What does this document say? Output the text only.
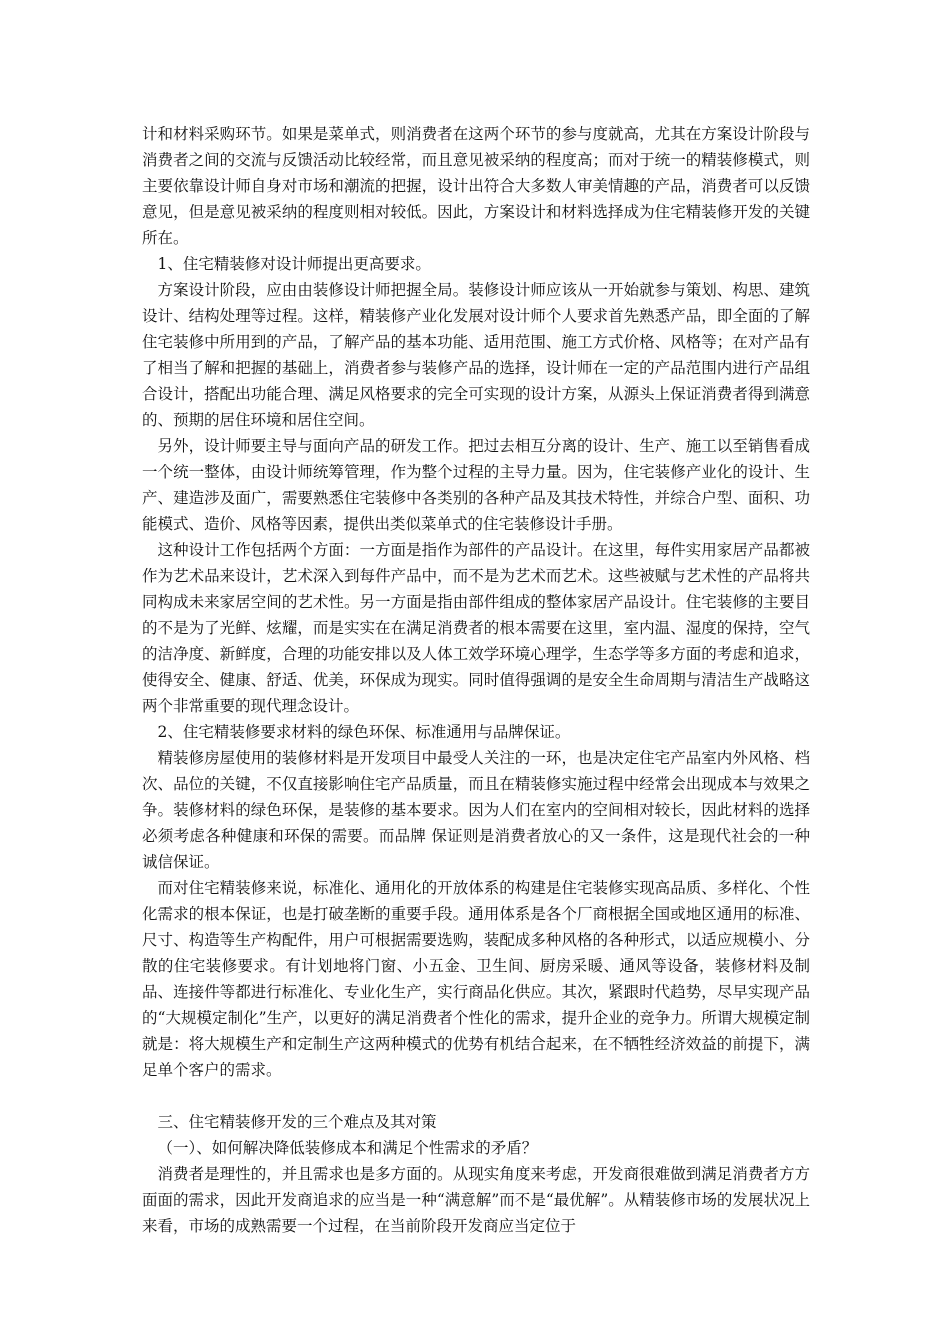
计和材料采购环节。如果是菜单式，则消费者在这两个环节的参与度就高，尤其在方案设计阶段与消费者之间的交流与反馈活动比较经常，而且意见被采纳的程度高；而对于统一的精装修模式，则主要依靠设计师自身对市场和潮流的把握，设计出符合大多数人审美情趣的产品，消费者可以反馈意见，但是意见被采纳的程度则相对较低。因此，方案设计和材料选择成为住宅精装修开发的关键所在。

1、住宅精装修对设计师提出更高要求。

方案设计阶段，应由由装修设计师把握全局。装修设计师应该从一开始就参与策划、构思、建筑设计、结构处理等过程。这样，精装修产业化发展对设计师个人要求首先熟悉产品，即全面的了解住宅装修中所用到的产品，了解产品的基本功能、适用范围、施工方式价格、风格等；在对产品有了相当了解和把握的基础上，消费者参与装修产品的选择，设计师在一定的产品范围内进行产品组合设计，搭配出功能合理、满足风格要求的完全可实现的设计方案，从源头上保证消费者得到满意的、预期的居住环境和居住空间。

另外，设计师要主导与面向产品的研发工作。把过去相互分离的设计、生产、施工以至销售看成一个统一整体，由设计师统筹管理，作为整个过程的主导力量。因为，住宅装修产业化的设计、生产、建造涉及面广，需要熟悉住宅装修中各类别的各种产品及其技术特性，并综合户型、面积、功能模式、造价、风格等因素，提供出类似菜单式的住宅装修设计手册。

这种设计工作包括两个方面：一方面是指作为部件的产品设计。在这里，每件实用家居产品都被作为艺术品来设计，艺术深入到每件产品中，而不是为艺术而艺术。这些被赋与艺术性的产品将共同构成未来家居空间的艺术性。另一方面是指由部件组成的整体家居产品设计。住宅装修的主要目的不是为了光鲜、炫耀，而是实实在在满足消费者的根本需要在这里，室内温、湿度的保持，空气的洁净度、新鲜度，合理的功能安排以及人体工效学环境心理学，生态学等多方面的考虑和追求，使得安全、健康、舒适、优美，环保成为现实。同时值得强调的是安全生命周期与清洁生产战略这两个非常重要的现代理念设计。

2、住宅精装修要求材料的绿色环保、标准通用与品牌保证。

精装修房屋使用的装修材料是开发项目中最受人关注的一环，也是决定住宅产品室内外风格、档次、品位的关键，不仅直接影响住宅产品质量，而且在精装修实施过程中经常会出现成本与效果之争。装修材料的绿色环保，是装修的基本要求。因为人们在室内的空间相对较长，因此材料的选择必须考虑各种健康和环保的需要。而品牌 保证则是消费者放心的又一条件，这是现代社会的一种诚信保证。

而对住宅精装修来说，标准化、通用化的开放体系的构建是住宅装修实现高品质、多样化、个性化需求的根本保证，也是打破垄断的重要手段。通用体系是各个厂商根据全国或地区通用的标准、尺寸、构造等生产构配件，用户可根据需要选购，装配成多种风格的各种形式，以适应规模小、分散的住宅装修要求。有计划地将门窗、小五金、卫生间、厨房采暖、通风等设备，装修材料及制品、连接件等都进行标准化、专业化生产，实行商品化供应。其次，紧跟时代趋势，尽早实现产品的“大规模定制化”生产，以更好的满足消费者个性化的需求，提升企业的竞争力。所谓大规模定制就是：将大规模生产和定制生产这两种模式的优势有机结合起来，在不牺牲经济效益的前提下，满足单个客户的需求。

三、住宅精装修开发的三个难点及其对策

（一）、如何解决降低装修成本和满足个性需求的矛盾？

消费者是理性的，并且需求也是多方面的。从现实角度来考虑，开发商很难做到满足消费者方方面面的需求，因此开发商追求的应当是一种“满意解”而不是“最优解”。从精装修市场的发展状况上来看，市场的成熟需要一个过程，在当前阶段开发商应当定位于
